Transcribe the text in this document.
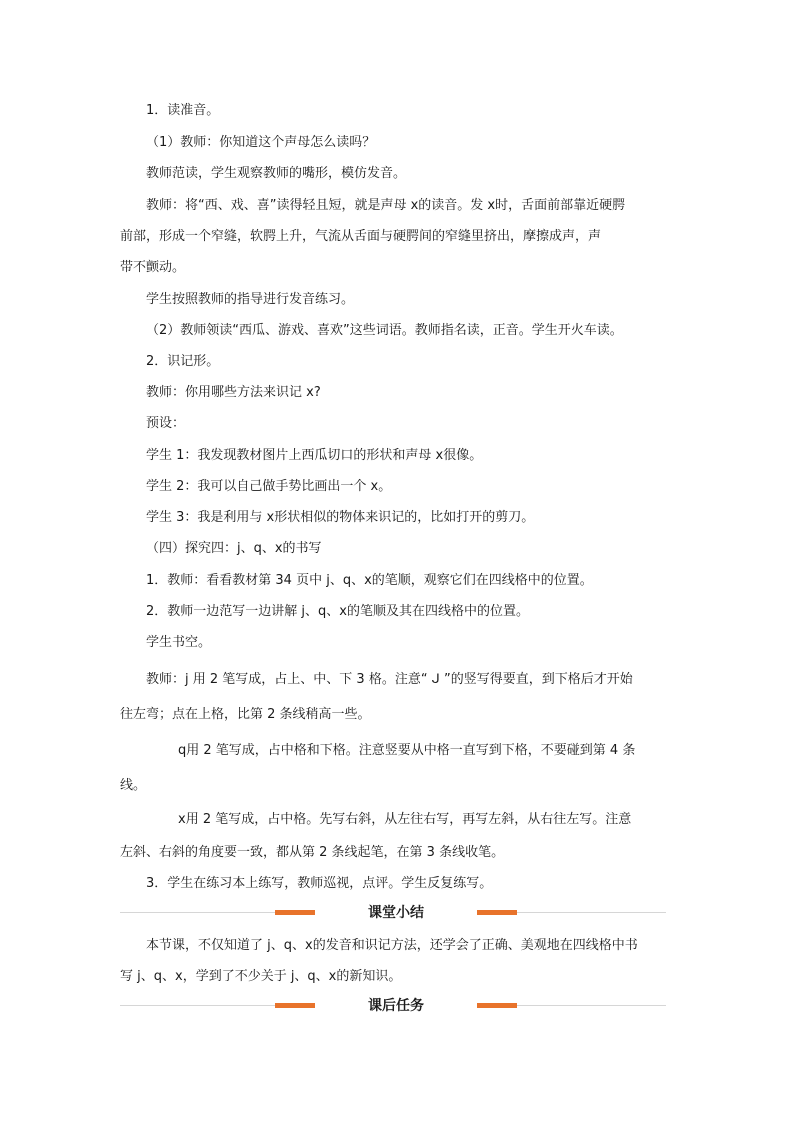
1．读准音。
（1）教师：你知道这个声母怎么读吗？
教师范读，学生观察教师的嘴形，模仿发音。
教师：将“西、戏、喜”读得轻且短，就是声母 x的读音。发 x时，舌面前部靠近硬腭
前部，形成一个窄缝，软腭上升，气流从舌面与硬腭间的窄缝里挤出，摩擦成声，声
带不颤动。
学生按照教师的指导进行发音练习。
（2）教师领读“西瓜、游戏、喜欢”这些词语。教师指名读，正音。学生开火车读。
2．识记形。
教师：你用哪些方法来识记 x?
预设：
学生 1：我发现教材图片上西瓜切口的形状和声母 x很像。
学生 2：我可以自己做手势比画出一个 x。
学生 3：我是利用与 x形状相似的物体来识记的，比如打开的剪刀。
（四）探究四：j、q、x的书写
1．教师：看看教材第 34 页中 j、q、x的笔顺，观察它们在四线格中的位置。
2．教师一边范写一边讲解 j、q、x的笔顺及其在四线格中的位置。
学生书空。
教师：j 用 2 笔写成，占上、中、下 3 格。注意“ ᒍ ”的竖写得要直，到下格后才开始
往左弯；点在上格，比第 2 条线稍高一些。
q用 2 笔写成，占中格和下格。注意竖要从中格一直写到下格，不要碰到第 4 条
线。
x用 2 笔写成，占中格。先写右斜，从左往右写，再写左斜，从右往左写。注意
左斜、右斜的角度要一致，都从第 2 条线起笔，在第 3 条线收笔。
3．学生在练习本上练写，教师巡视，点评。学生反复练写。
课堂小结
本节课，不仅知道了 j、q、x的发音和识记方法，还学会了正确、美观地在四线格中书
写 j、q、x，学到了不少关于 j、q、x的新知识。
课后任务
